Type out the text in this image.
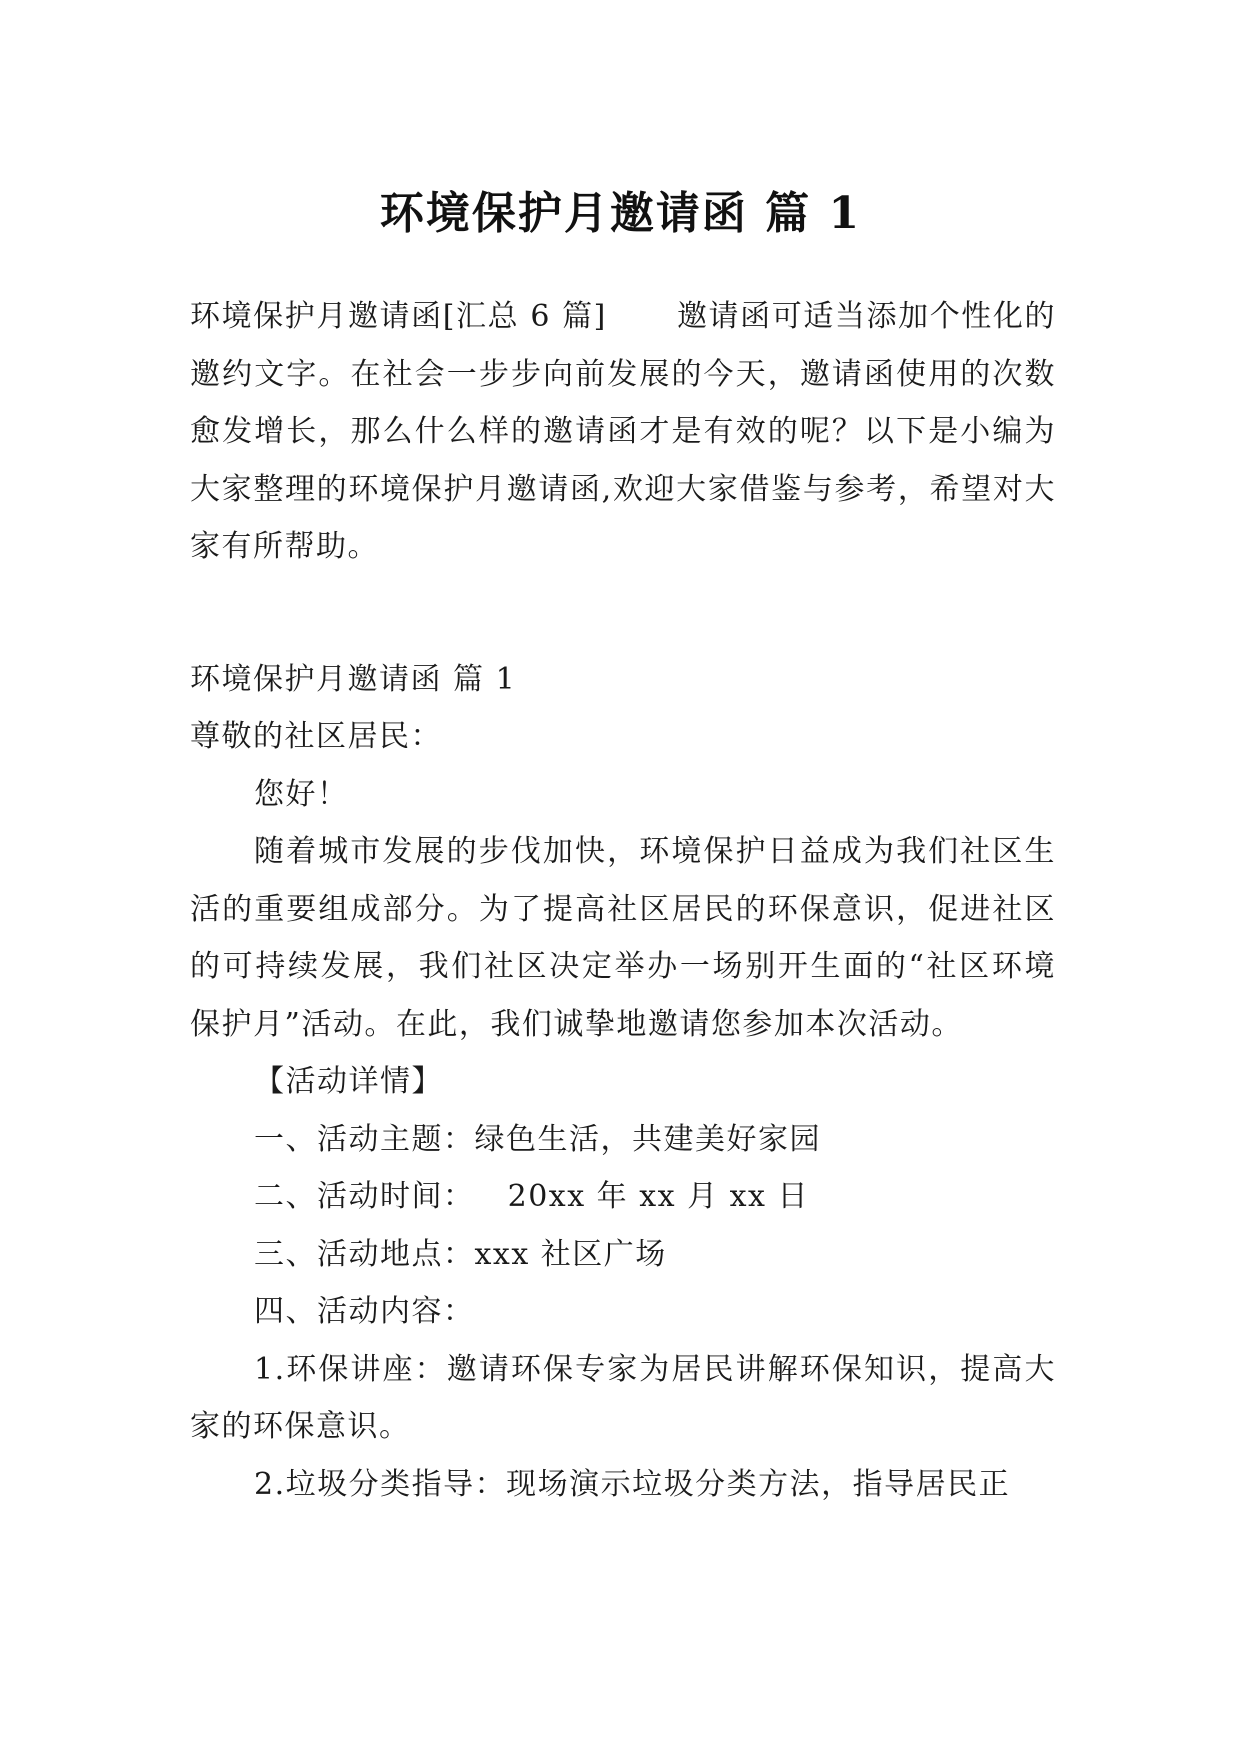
环境保护月邀请函 篇 1

环境保护月邀请函[汇总 6 篇] 邀请函可适当添加个性化的邀约文字。在社会一步步向前发展的今天，邀请函使用的次数愈发增长，那么什么样的邀请函才是有效的呢？以下是小编为大家整理的环境保护月邀请函,欢迎大家借鉴与参考，希望对大家有所帮助。

环境保护月邀请函 篇 1

尊敬的社区居民：

您好！

随着城市发展的步伐加快，环境保护日益成为我们社区生活的重要组成部分。为了提高社区居民的环保意识，促进社区的可持续发展，我们社区决定举办一场别开生面的“社区环境保护月”活动。在此，我们诚挚地邀请您参加本次活动。

【活动详情】

一、活动主题：绿色生活，共建美好家园

二、活动时间：   20xx 年 xx 月 xx 日

三、活动地点：xxx 社区广场

四、活动内容：

1.环保讲座：邀请环保专家为居民讲解环保知识，提高大家的环保意识。

2.垃圾分类指导：现场演示垃圾分类方法，指导居民正
